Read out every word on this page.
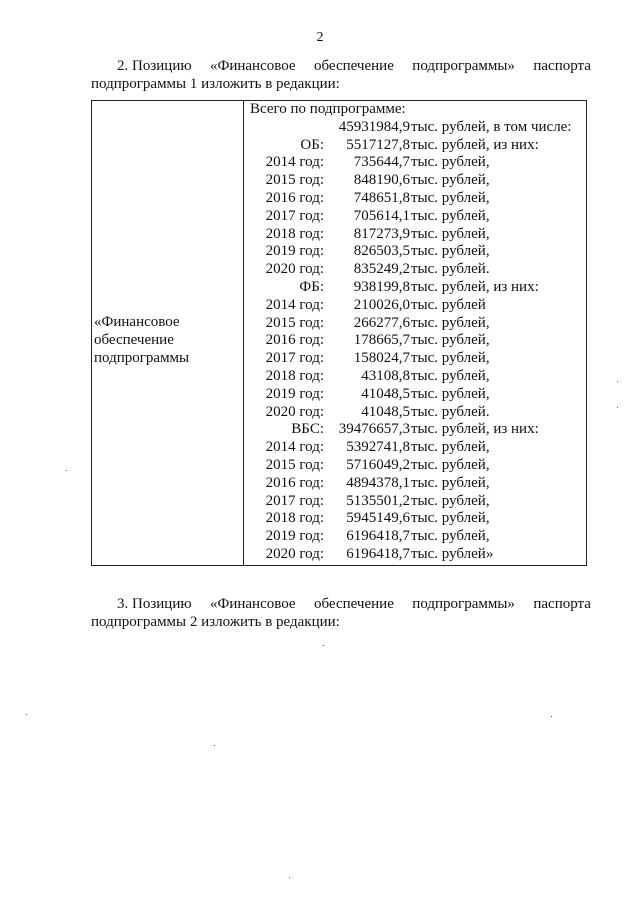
2
2. Позицию «Финансовое обеспечение подпрограммы» паспорта
подпрограммы 1 изложить в редакции:
«Финансовое обеспечение подпрограммы
Всего по подпрограмме:
45931984,9 тыс. рублей, в том числе:
ОБ: 5517127,8 тыс. рублей, из них:
2014 год: 735644,7 тыс. рублей,
2015 год: 848190,6 тыс. рублей,
2016 год: 748651,8 тыс. рублей,
2017 год: 705614,1 тыс. рублей,
2018 год: 817273,9 тыс. рублей,
2019 год: 826503,5 тыс. рублей,
2020 год: 835249,2 тыс. рублей.
ФБ: 938199,8 тыс. рублей, из них:
2014 год: 210026,0 тыс. рублей
2015 год: 266277,6 тыс. рублей,
2016 год: 178665,7 тыс. рублей,
2017 год: 158024,7 тыс. рублей,
2018 год: 43108,8 тыс. рублей,
2019 год: 41048,5 тыс. рублей,
2020 год: 41048,5 тыс. рублей.
ВБС: 39476657,3 тыс. рублей, из них:
2014 год: 5392741,8 тыс. рублей,
2015 год: 5716049,2 тыс. рублей,
2016 год: 4894378,1 тыс. рублей,
2017 год: 5135501,2 тыс. рублей,
2018 год: 5945149,6 тыс. рублей,
2019 год: 6196418,7 тыс. рублей,
2020 год: 6196418,7 тыс. рублей»
3. Позицию «Финансовое обеспечение подпрограммы» паспорта
подпрограммы 2 изложить в редакции:
